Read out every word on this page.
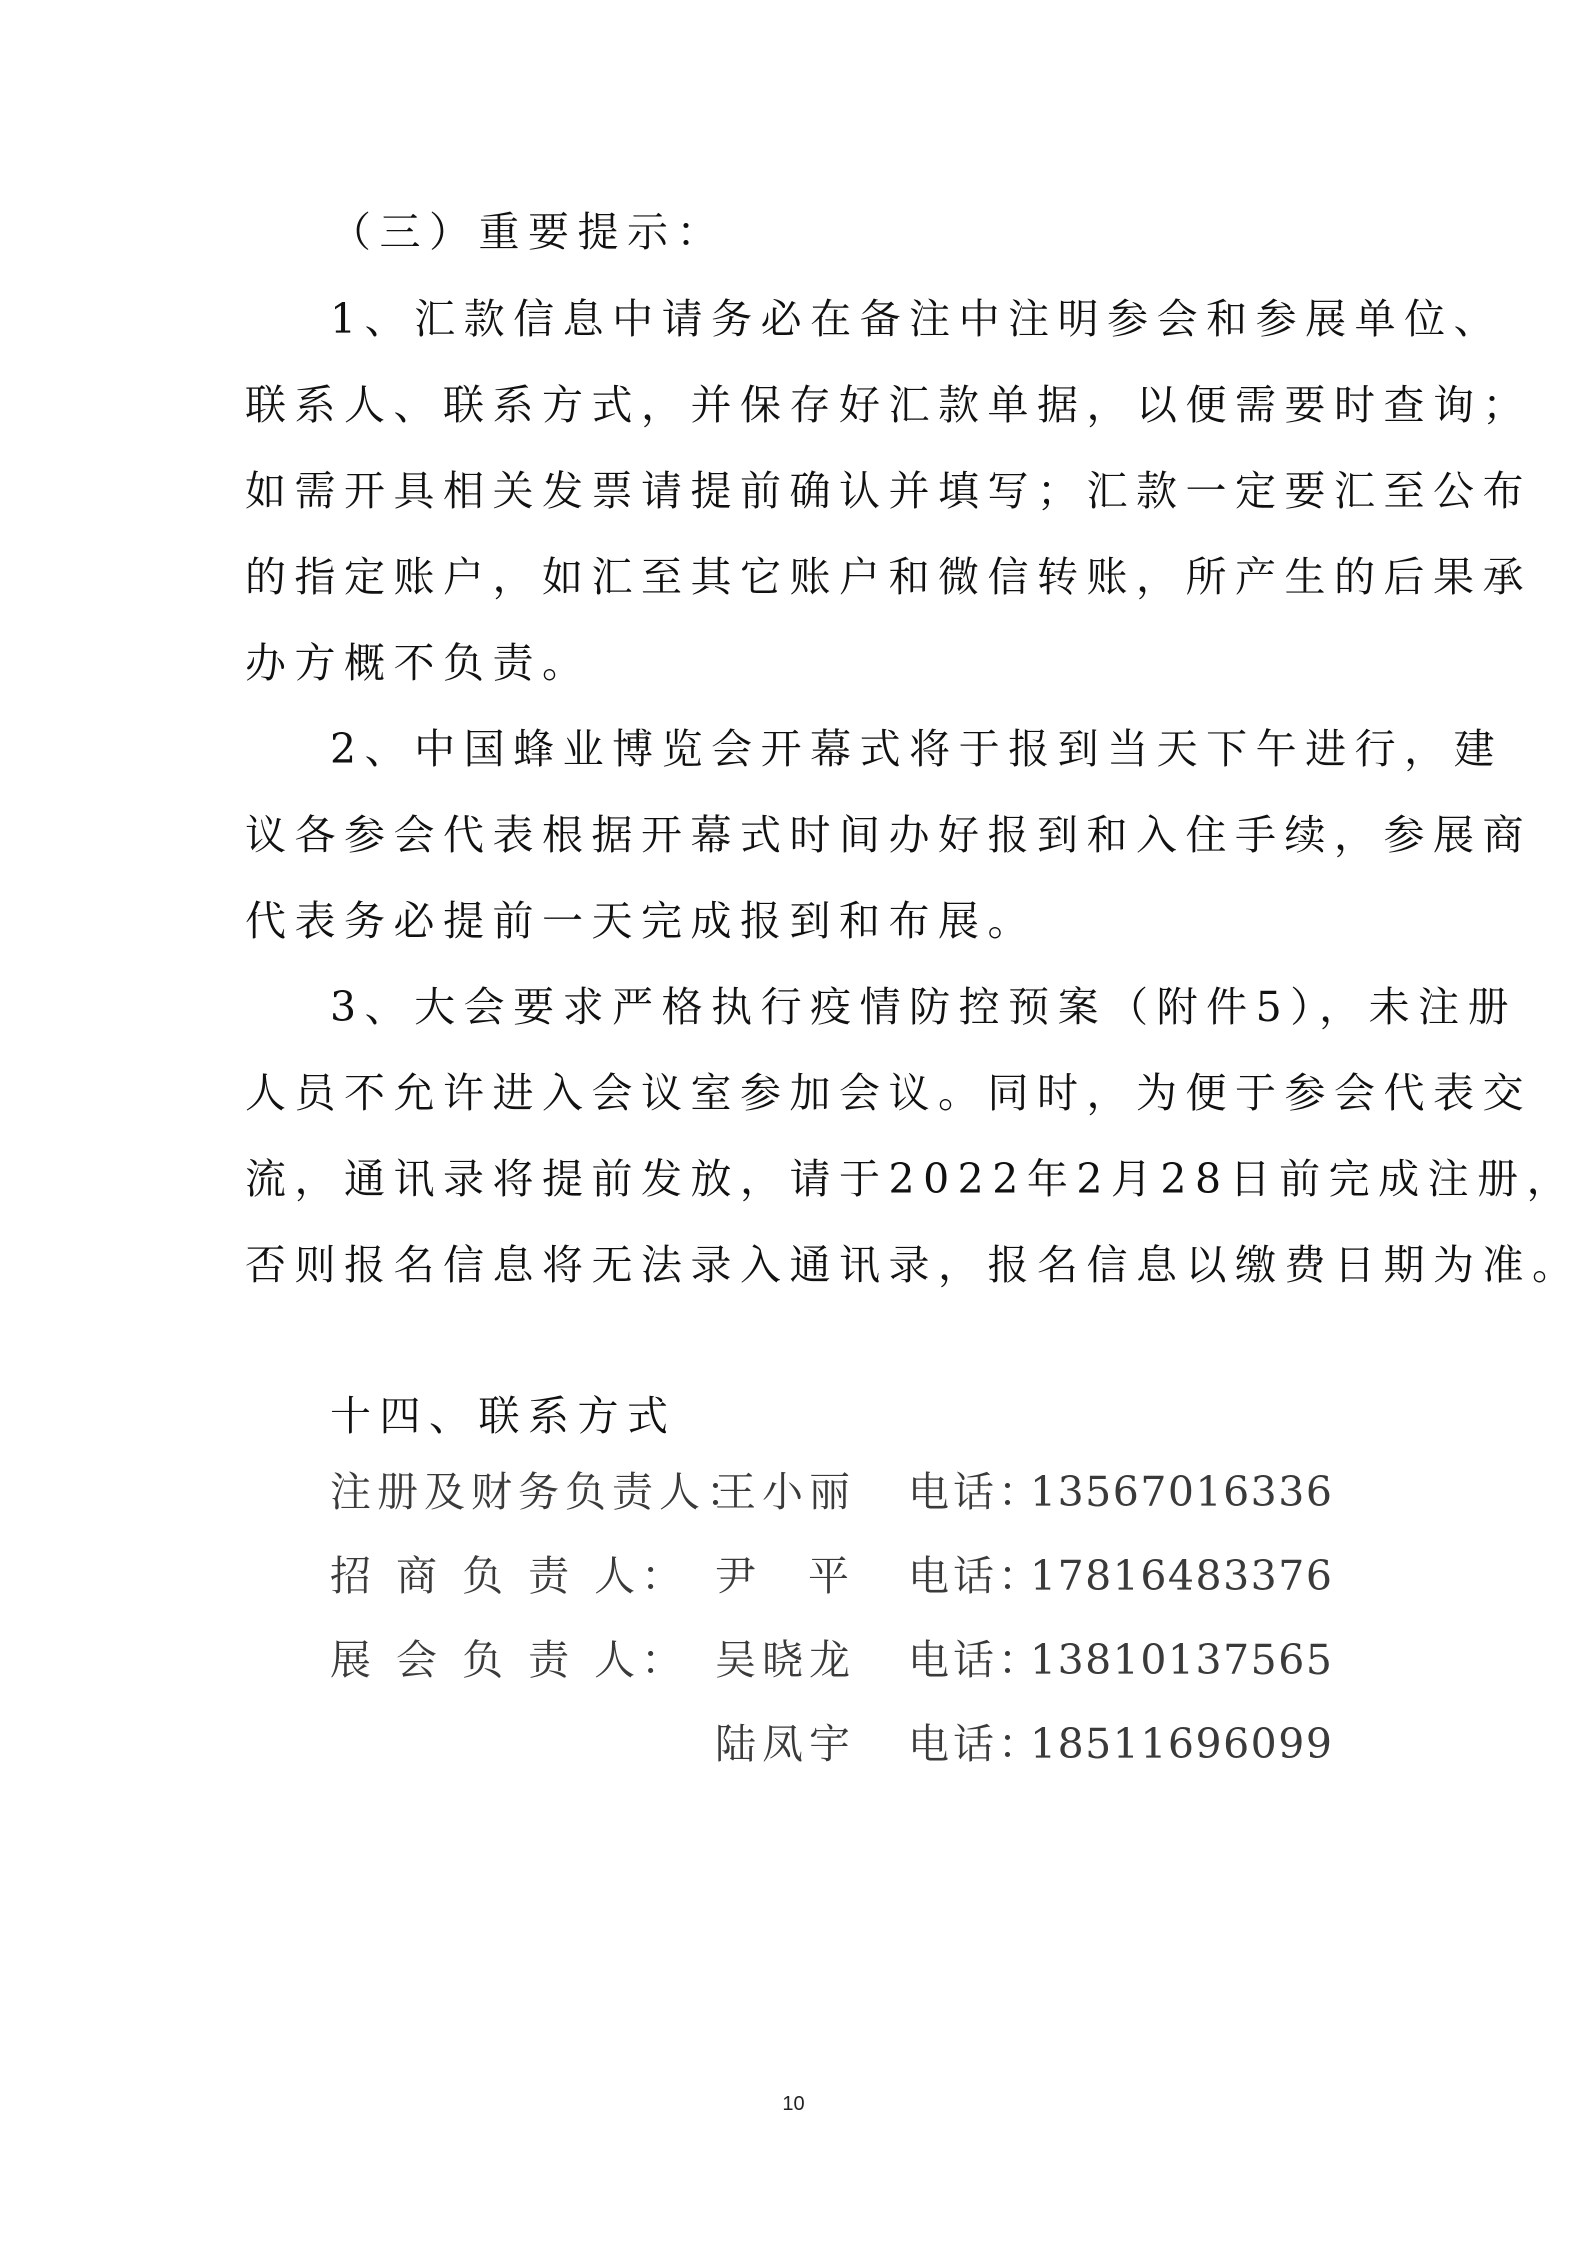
（三）重要提示：
1、汇款信息中请务必在备注中注明参会和参展单位、
联系人、联系方式，并保存好汇款单据，以便需要时查询；
如需开具相关发票请提前确认并填写；汇款一定要汇至公布
的指定账户，如汇至其它账户和微信转账，所产生的后果承
办方概不负责。
2、中国蜂业博览会开幕式将于报到当天下午进行，建
议各参会代表根据开幕式时间办好报到和入住手续，参展商
代表务必提前一天完成报到和布展。
3、大会要求严格执行疫情防控预案（附件5），未注册
人员不允许进入会议室参加会议。同时，为便于参会代表交
流，通讯录将提前发放，请于2022年2月28日前完成注册，
否则报名信息将无法录入通讯录，报名信息以缴费日期为准。
十四、联系方式
注册及财务负责人：
王小丽 电话：
13567016336
招 商 负 责 人： 尹平 电话：
17816483376
展 会 负 责 人： 吴晓龙 电话：
13810137565
陆凤宇 电话：
18511696099
10
